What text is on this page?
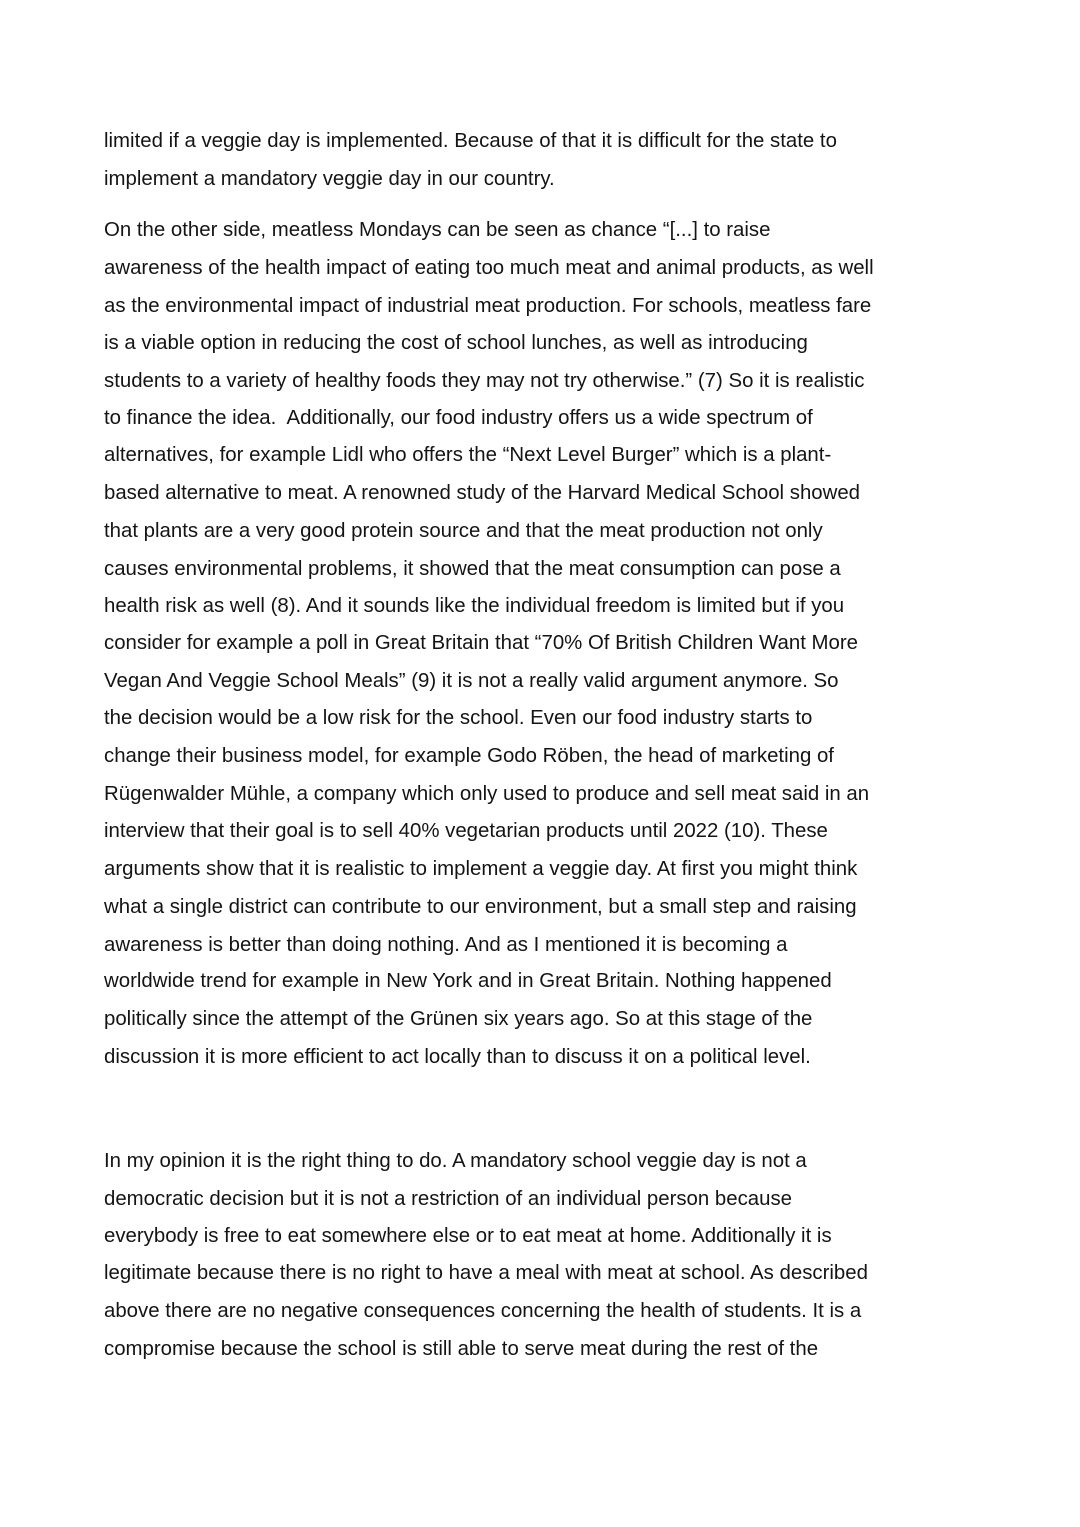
limited if a veggie day is implemented. Because of that it is difficult for the state to
implement a mandatory veggie day in our country.
On the other side, meatless Mondays can be seen as chance “[...] to raise
awareness of the health impact of eating too much meat and animal products, as well
as the environmental impact of industrial meat production. For schools, meatless fare
is a viable option in reducing the cost of school lunches, as well as introducing
students to a variety of healthy foods they may not try otherwise.” (7) So it is realistic
to finance the idea.  Additionally, our food industry offers us a wide spectrum of
alternatives, for example Lidl who offers the “Next Level Burger” which is a plant-
based alternative to meat. A renowned study of the Harvard Medical School showed
that plants are a very good protein source and that the meat production not only
causes environmental problems, it showed that the meat consumption can pose a
health risk as well (8). And it sounds like the individual freedom is limited but if you
consider for example a poll in Great Britain that “70% Of British Children Want More
Vegan And Veggie School Meals” (9) it is not a really valid argument anymore. So
the decision would be a low risk for the school. Even our food industry starts to
change their business model, for example Godo Röben, the head of marketing of
Rügenwalder Mühle, a company which only used to produce and sell meat said in an
interview that their goal is to sell 40% vegetarian products until 2022 (10). These
arguments show that it is realistic to implement a veggie day. At first you might think
what a single district can contribute to our environment, but a small step and raising
awareness is better than doing nothing. And as I mentioned it is becoming a
worldwide trend for example in New York and in Great Britain. Nothing happened
politically since the attempt of the Grünen six years ago. So at this stage of the
discussion it is more efficient to act locally than to discuss it on a political level.
In my opinion it is the right thing to do. A mandatory school veggie day is not a
democratic decision but it is not a restriction of an individual person because
everybody is free to eat somewhere else or to eat meat at home. Additionally it is
legitimate because there is no right to have a meal with meat at school. As described
above there are no negative consequences concerning the health of students. It is a
compromise because the school is still able to serve meat during the rest of the
